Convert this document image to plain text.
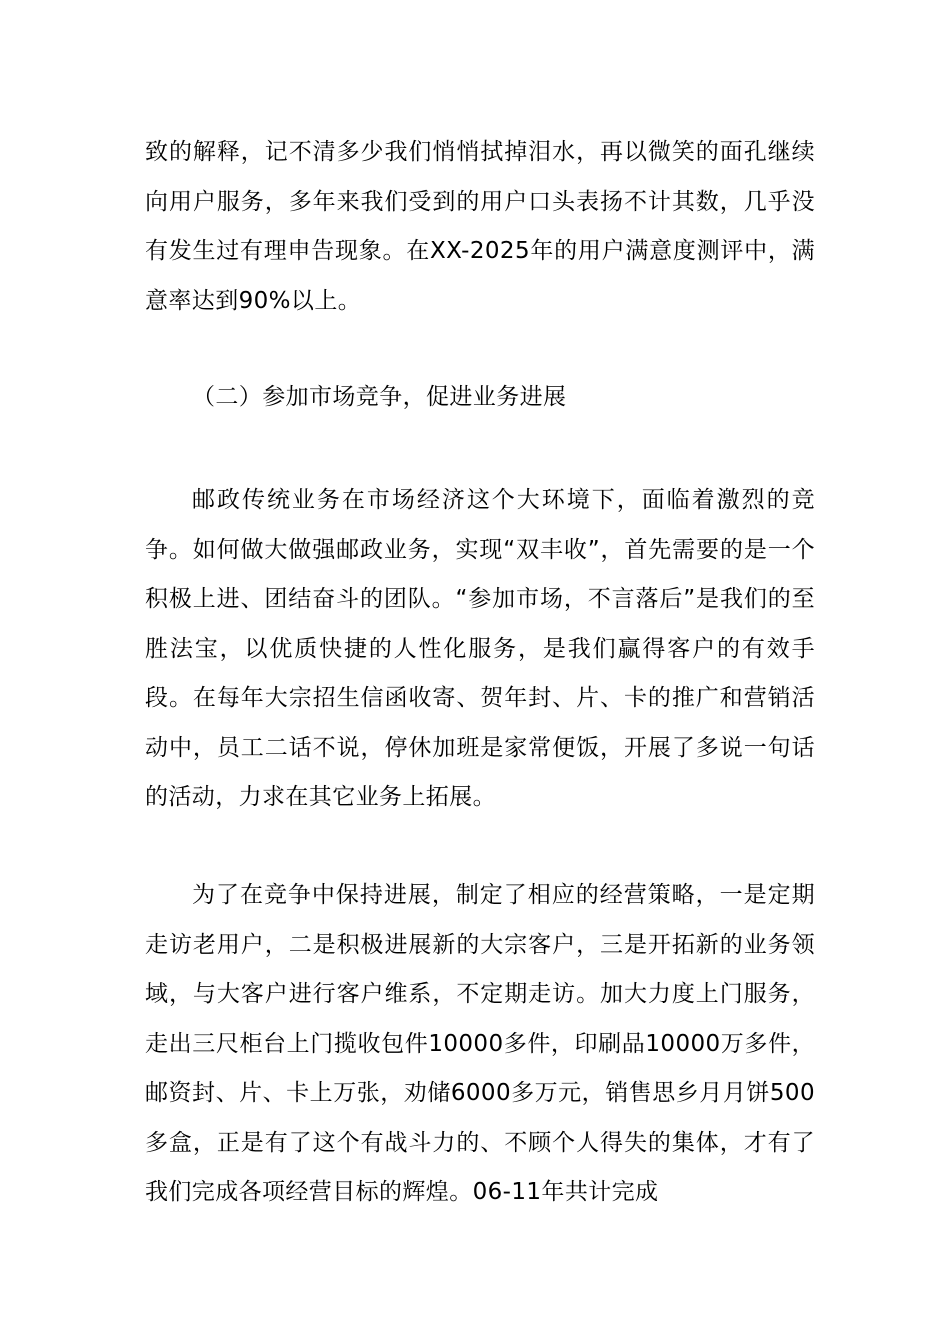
致的解释，记不清多少我们悄悄拭掉泪水，再以微笑的面孔继续向用户服务，多年来我们受到的用户口头表扬不计其数，几乎没有发生过有理申告现象。在XX-2025年的用户满意度测评中，满意率达到90%以上。

（二）参加市场竞争，促进业务进展

邮政传统业务在市场经济这个大环境下，面临着激烈的竞争。如何做大做强邮政业务，实现“双丰收”，首先需要的是一个积极上进、团结奋斗的团队。“参加市场，不言落后”是我们的至胜法宝，以优质快捷的人性化服务，是我们赢得客户的有效手段。在每年大宗招生信函收寄、贺年封、片、卡的推广和营销活动中，员工二话不说，停休加班是家常便饭，开展了多说一句话的活动，力求在其它业务上拓展。

为了在竞争中保持进展，制定了相应的经营策略，一是定期走访老用户，二是积极进展新的大宗客户，三是开拓新的业务领域，与大客户进行客户维系，不定期走访。加大力度上门服务，走出三尺柜台上门揽收包件10000多件，印刷品10000万多件，邮资封、片、卡上万张，劝储6000多万元，销售思乡月月饼500多盒，正是有了这个有战斗力的、不顾个人得失的集体，才有了我们完成各项经营目标的辉煌。06-11年共计完成
